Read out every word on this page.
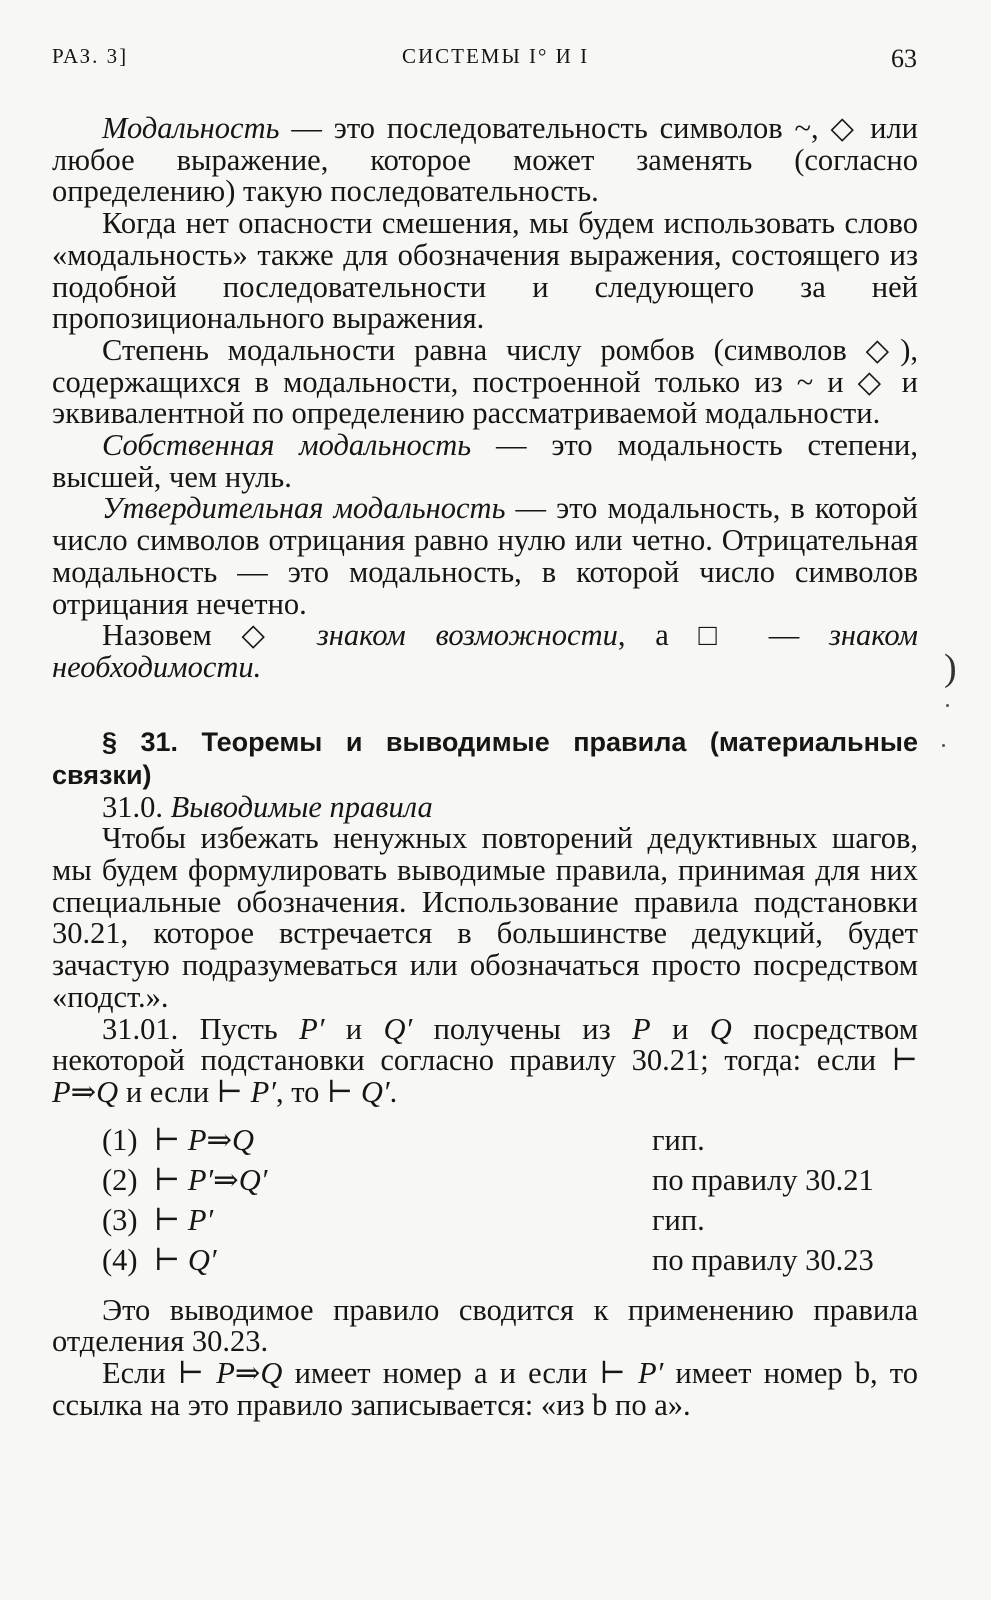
РАЗ. 3]	СИСТЕМЫ I° И I	63

Модальность — это последовательность символов ~, ◇ или любое выражение, которое может заменять (согласно определению) такую последовательность.

Когда нет опасности смешения, мы будем использовать слово «модальность» также для обозначения выражения, состоящего из подобной последовательности и следующего за ней пропозиционального выражения.

Степень модальности равна числу ромбов (символов ◇), содержащихся в модальности, построенной только из ~ и ◇ и эквивалентной по определению рассматриваемой модальности.

Собственная модальность — это модальность степени, высшей, чем нуль.

Утвердительная модальность — это модальность, в которой число символов отрицания равно нулю или четно. Отрицательная модальность — это модальность, в которой число символов отрицания нечетно.

Назовем ◇ знаком возможности, а □ — знаком необходимости.

§ 31. Теоремы и выводимые правила (материальные связки)

31.0. Выводимые правила

Чтобы избежать ненужных повторений дедуктивных шагов, мы будем формулировать выводимые правила, принимая для них специальные обозначения. Использование правила подстановки 30.21, которое встречается в большинстве дедукций, будет зачастую подразумеваться или обозначаться просто посредством «подст.».

31.01. Пусть P′ и Q′ получены из P и Q посредством некоторой подстановки согласно правилу 30.21; тогда: если ⊢ P⇒Q и если ⊢ P′, то ⊢ Q′.

(1) ⊢ P⇒Q	гип.
(2) ⊢ P′⇒Q′	по правилу 30.21
(3) ⊢ P′	гип.
(4) ⊢ Q′	по правилу 30.23

Это выводимое правило сводится к применению правила отделения 30.23.

Если ⊢ P⇒Q имеет номер a и если ⊢ P′ имеет номер b, то ссылка на это правило записывается: «из b по a».

)
